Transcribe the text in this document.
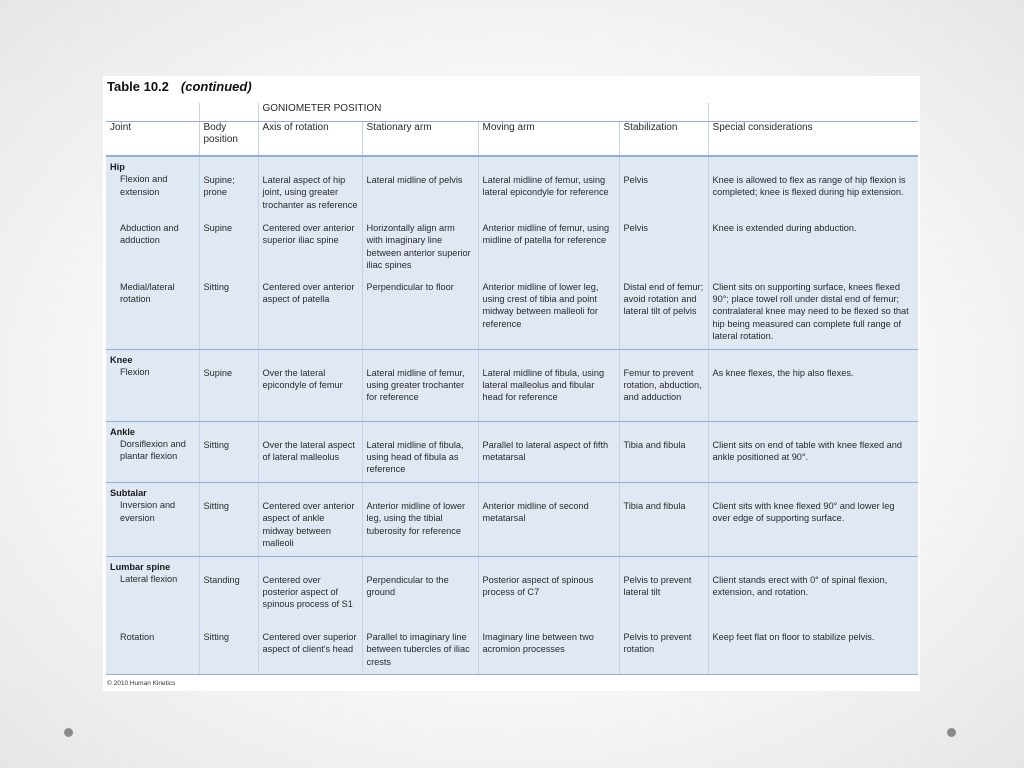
Table 10.2 (continued)
		GONIOMETER POSITION				
Joint	Body position	Axis of rotation	Stationary arm	Moving arm	Stabilization	Special considerations

Hip
Flexion and extension	Supine; prone	Lateral aspect of hip joint, using greater trochanter as reference	Lateral midline of pelvis	Lateral midline of femur, using lateral epicondyle for reference	Pelvis	Knee is allowed to flex as range of hip flexion is completed; knee is flexed during hip extension.

Abduction and adduction	Supine	Centered over anterior superior iliac spine	Horizontally align arm with imaginary line between anterior superior iliac spines	Anterior midline of femur, using midline of patella for reference	Pelvis	Knee is extended during abduction.

Medial/lateral rotation	Sitting	Centered over anterior aspect of patella	Perpendicular to floor	Anterior midline of lower leg, using crest of tibia and point midway between malleoli for reference	Distal end of femur; avoid rotation and lateral tilt of pelvis	Client sits on supporting surface, knees flexed 90°; place towel roll under distal end of femur; contralateral knee may need to be flexed so that hip being measured can complete full range of lateral rotation.

Knee
Flexion	Supine	Over the lateral epicondyle of femur	Lateral midline of femur, using greater trochanter for reference	Lateral midline of fibula, using lateral malleolus and fibular head for reference	Femur to prevent rotation, abduction, and adduction	As knee flexes, the hip also flexes.

Ankle
Dorsiflexion and plantar flexion	Sitting	Over the lateral aspect of lateral malleolus	Lateral midline of fibula, using head of fibula as reference	Parallel to lateral aspect of fifth metatarsal	Tibia and fibula	Client sits on end of table with knee flexed and ankle positioned at 90°.

Subtalar
Inversion and eversion	Sitting	Centered over anterior aspect of ankle midway between malleoli	Anterior midline of lower leg, using the tibial tuberosity for reference	Anterior midline of second metatarsal	Tibia and fibula	Client sits with knee flexed 90° and lower leg over edge of supporting surface.

Lumbar spine
Lateral flexion	Standing	Centered over posterior aspect of spinous process of S1	Perpendicular to the ground	Posterior aspect of spinous process of C7	Pelvis to prevent lateral tilt	Client stands erect with 0° of spinal flexion, extension, and rotation.

Rotation	Sitting	Centered over superior aspect of client's head	Parallel to imaginary line between tubercles of iliac crests	Imaginary line between two acromion processes	Pelvis to prevent rotation	Keep feet flat on floor to stabilize pelvis.
© 2010 Human Kinetics
